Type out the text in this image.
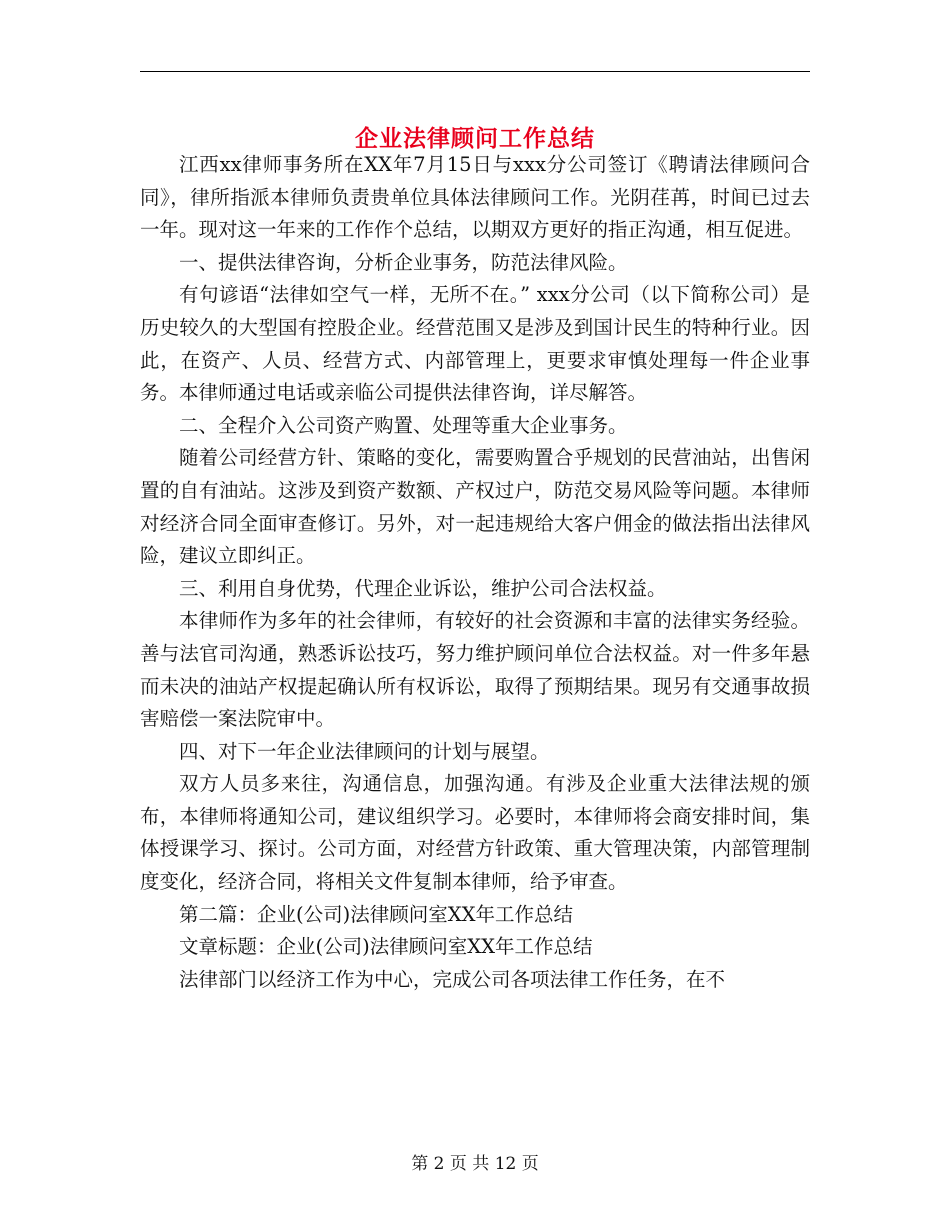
企业法律顾问工作总结

江西xx律师事务所在XX年7月15日与xxx分公司签订《聘请法律顾问合同》，律所指派本律师负责贵单位具体法律顾问工作。光阴荏苒，时间已过去一年。现对这一年来的工作作个总结，以期双方更好的指正沟通，相互促进。

一、提供法律咨询，分析企业事务，防范法律风险。

有句谚语“法律如空气一样，无所不在。” xxx分公司（以下简称公司）是历史较久的大型国有控股企业。经营范围又是涉及到国计民生的特种行业。因此，在资产、人员、经营方式、内部管理上，更要求审慎处理每一件企业事务。本律师通过电话或亲临公司提供法律咨询，详尽解答。

二、全程介入公司资产购置、处理等重大企业事务。

随着公司经营方针、策略的变化，需要购置合乎规划的民营油站，出售闲置的自有油站。这涉及到资产数额、产权过户，防范交易风险等问题。本律师对经济合同全面审查修订。另外，对一起违规给大客户佣金的做法指出法律风险，建议立即纠正。

三、利用自身优势，代理企业诉讼，维护公司合法权益。

本律师作为多年的社会律师，有较好的社会资源和丰富的法律实务经验。善与法官司沟通，熟悉诉讼技巧，努力维护顾问单位合法权益。对一件多年悬而未决的油站产权提起确认所有权诉讼，取得了预期结果。现另有交通事故损害赔偿一案法院审中。

四、对下一年企业法律顾问的计划与展望。

双方人员多来往，沟通信息，加强沟通。有涉及企业重大法律法规的颁布，本律师将通知公司，建议组织学习。必要时，本律师将会商安排时间，集体授课学习、探讨。公司方面，对经营方针政策、重大管理决策，内部管理制度变化，经济合同，将相关文件复制本律师，给予审查。

第二篇：企业(公司)法律顾问室XX年工作总结

文章标题：企业(公司)法律顾问室XX年工作总结

法律部门以经济工作为中心，完成公司各项法律工作任务，在不

第 2 页 共 12 页
